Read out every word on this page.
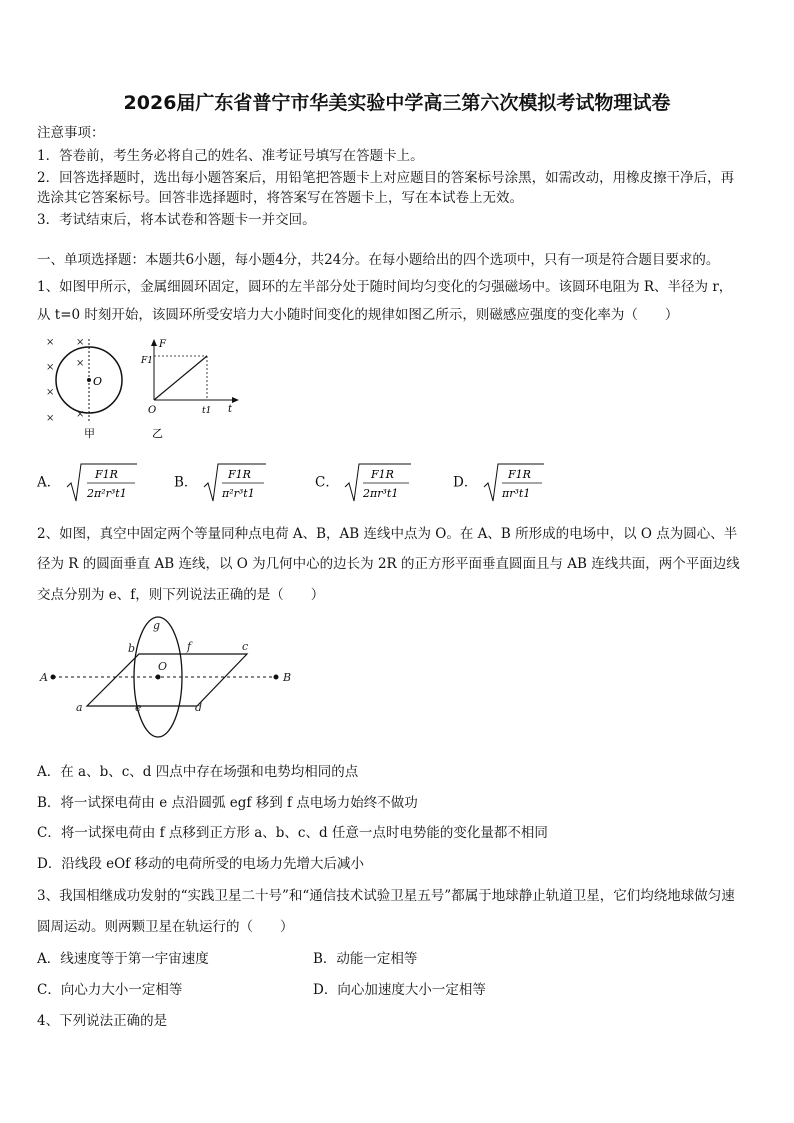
2026届广东省普宁市华美实验中学高三第六次模拟考试物理试卷
注意事项：
1．答卷前，考生务必将自己的姓名、准考证号填写在答题卡上。
2．回答选择题时，选出每小题答案后，用铅笔把答题卡上对应题目的答案标号涂黑，如需改动，用橡皮擦干净后，再
选涂其它答案标号。回答非选择题时，将答案写在答题卡上，写在本试卷上无效。
3．考试结束后，将本试卷和答题卡一并交回。
一、单项选择题：本题共6小题，每小题4分，共24分。在每小题给出的四个选项中，只有一项是符合题目要求的。
1、如图甲所示，金属细圆环固定，圆环的左半部分处于随时间均匀变化的匀强磁场中。该圆环电阻为 R、半径为 r，
从 t=0 时刻开始，该圆环所受安培力大小随时间变化的规律如图乙所示，则磁感应强度的变化率为（　　）
× ×
× ×
×
× ×
O
甲
F
F1
O	t1 t
乙
A．	F1R
2π²r³t1
B．	F1R
π²r³t1
C．	F1R
2πr³t1
D．	F1R
πr³t1
2、如图，真空中固定两个等量同种点电荷 A、B，AB 连线中点为 O。在 A、B 所形成的电场中，以 O 点为圆心、半
径为 R 的圆面垂直 AB 连线，以 O 为几何中心的边长为 2R 的正方形平面垂直圆面且与 AB 连线共面，两个平面边线
交点分别为 e、f，则下列说法正确的是（　　）
A	B
O
a
b	c
d
e
f
g
A．在 a、b、c、d 四点中存在场强和电势均相同的点
B．将一试探电荷由 e 点沿圆弧 egf 移到 f 点电场力始终不做功
C．将一试探电荷由 f 点移到正方形 a、b、c、d 任意一点时电势能的变化量都不相同
D．沿线段 eOf 移动的电荷所受的电场力先增大后减小
3、我国相继成功发射的“实践卫星二十号”和“通信技术试验卫星五号”都属于地球静止轨道卫星，它们均绕地球做匀速
圆周运动。则两颗卫星在轨运行的（　　）
A．线速度等于第一宇宙速度	B．动能一定相等
C．向心力大小一定相等	D．向心加速度大小一定相等
4、下列说法正确的是
